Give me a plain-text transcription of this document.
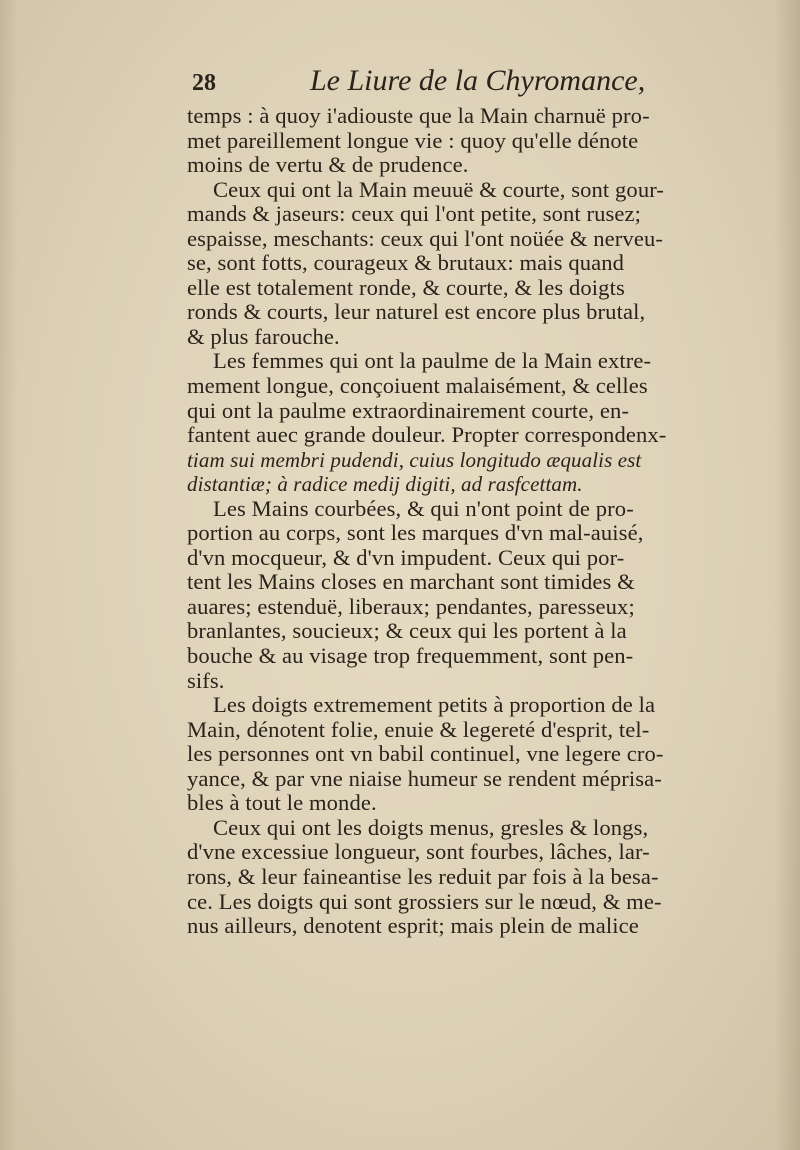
28	Le Liure de la Chyromance,
temps : à quoy i'adiouste que la Main charnuë pro-
met pareillement longue vie : quoy qu'elle dénote
moins de vertu & de prudence.
Ceux qui ont la Main meuuë & courte, sont gour-
mands & jaseurs: ceux qui l'ont petite, sont rusez;
espaisse, meschants: ceux qui l'ont noüée & nerveu-
se, sont fotts, courageux & brutaux: mais quand
elle est totalement ronde, & courte, & les doigts
ronds & courts, leur naturel est encore plus brutal,
& plus farouche.
Les femmes qui ont la paulme de la Main extre-
mement longue, conçoiuent malaisément, & celles
qui ont la paulme extraordinairement courte, en-
fantent auec grande douleur. Propter correspondenx-
tiam sui membri pudendi, cuius longitudo æqualis est
distantiæ; à radice medij digiti, ad rasfcettam.
Les Mains courbées, & qui n'ont point de pro-
portion au corps, sont les marques d'vn mal-auisé,
d'vn mocqueur, & d'vn impudent. Ceux qui por-
tent les Mains closes en marchant sont timides &
auares; estenduë, liberaux; pendantes, paresseux;
branlantes, soucieux; & ceux qui les portent à la
bouche & au visage trop frequemment, sont pen-
sifs.
Les doigts extremement petits à proportion de la
Main, dénotent folie, enuie & legereté d'esprit, tel-
les personnes ont vn babil continuel, vne legere cro-
yance, & par vne niaise humeur se rendent méprisa-
bles à tout le monde.
Ceux qui ont les doigts menus, gresles & longs,
d'vne excessiue longueur, sont fourbes, lâches, lar-
rons, & leur faineantise les reduit par fois à la besa-
ce. Les doigts qui sont grossiers sur le nœud, & me-
nus ailleurs, denotent esprit; mais plein de malice
